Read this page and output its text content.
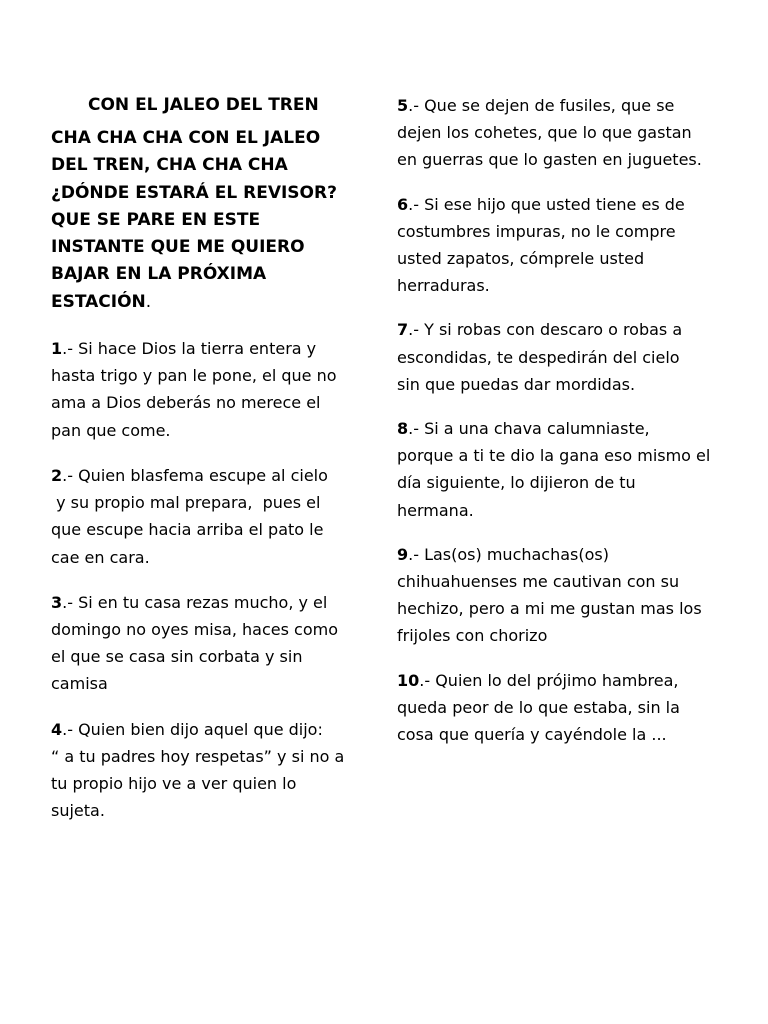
CON EL JALEO DEL TREN
CHA CHA CHA CON EL JALEO
DEL TREN, CHA CHA CHA
¿DÓNDE ESTARÁ EL REVISOR?
QUE SE PARE EN ESTE
INSTANTE QUE ME QUIERO
BAJAR EN LA PRÓXIMA
ESTACIÓN.
1.- Si hace Dios la tierra entera y
hasta trigo y pan le pone, el que no
ama a Dios deberás no merece el
pan que come.
2.- Quien blasfema escupe al cielo
y su propio mal prepara,  pues el
que escupe hacia arriba el pato le
cae en cara.
3.- Si en tu casa rezas mucho, y el
domingo no oyes misa, haces como
el que se casa sin corbata y sin
camisa
4.- Quien bien dijo aquel que dijo:
“ a tu padres hoy respetas” y si no a
tu propio hijo ve a ver quien lo
sujeta.
5.- Que se dejen de fusiles, que se
dejen los cohetes, que lo que gastan
en guerras que lo gasten en juguetes.
6.- Si ese hijo que usted tiene es de
costumbres impuras, no le compre
usted zapatos, cómprele usted
herraduras.
7.- Y si robas con descaro o robas a
escondidas, te despedirán del cielo
sin que puedas dar mordidas.
8.- Si a una chava calumniaste,
porque a ti te dio la gana eso mismo el
día siguiente, lo dijieron de tu
hermana.
9.- Las(os) muchachas(os)
chihuahuenses me cautivan con su
hechizo, pero a mi me gustan mas los
frijoles con chorizo
10.- Quien lo del prójimo hambrea,
queda peor de lo que estaba, sin la
cosa que quería y cayéndole la ...
